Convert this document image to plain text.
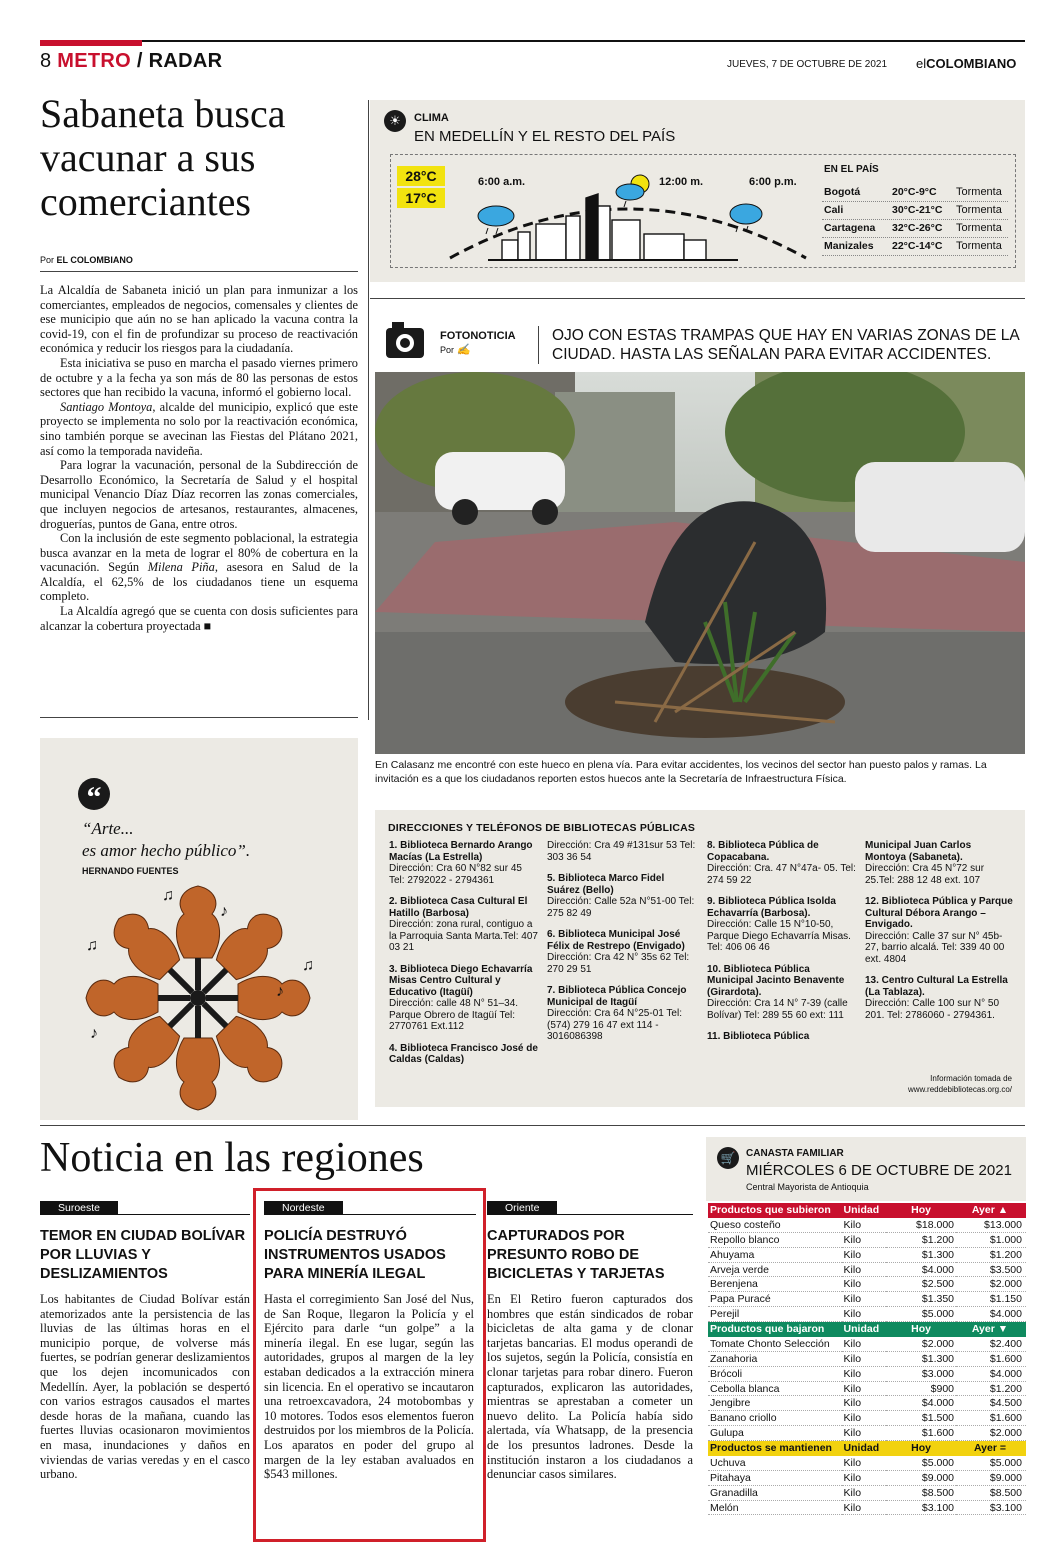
8 METRO / RADAR	JUEVES, 7 DE OCTUBRE DE 2021 elCOLOMBIANO
Sabaneta busca vacunar a sus comerciantes
Por EL COLOMBIANO

La Alcaldía de Sabaneta inició un plan para inmunizar a los comerciantes, empleados de negocios, comensales y clientes de ese municipio que aún no se han aplicado la vacuna contra la covid-19, con el fin de profundizar su proceso de reactivación económica y reducir los riesgos para la ciudadanía.

Esta iniciativa se puso en marcha el pasado viernes primero de octubre y a la fecha ya son más de 80 las personas de estos sectores que han recibido la vacuna, informó el gobierno local.

Santiago Montoya, alcalde del municipio, explicó que este proyecto se implementa no solo por la reactivación económica, sino también porque se avecinan las Fiestas del Plátano 2021, así como la temporada navideña.

Para lograr la vacunación, personal de la Subdirección de Desarrollo Económico, la Secretaría de Salud y el hospital municipal Venancio Díaz Díaz recorren las zonas comerciales, que incluyen negocios de artesanos, restaurantes, almacenes, droguerías, puntos de Gana, entre otros.

Con la inclusión de este segmento poblacional, la estrategia busca avanzar en la meta de lograr el 80% de cobertura en la vacunación. Según Milena Piña, asesora en Salud de la Alcaldía, el 62,5% de los ciudadanos tiene un esquema completo.

La Alcaldía agregó que se cuenta con dosis suficientes para alcanzar la cobertura proyectada ■

“
“Arte...
es amor hecho público”.
HERNANDO FUENTES
♫
♪
♫
♫
♪
♪
☀	CLIMA
EN MEDELLÍN Y EL RESTO DEL PAÍS
28°C
17°C
6:00 a.m.	12:00 m.	6:00 p.m.
EN EL PAÍS
Bogotá	20°C-9°C Tormenta
Cali	30°C-21°C Tormenta
Cartagena 32°C-26°C Tormenta
Manizales 22°C-14°C Tormenta
FOTONOTICIA
Por ✍
OJO CON ESTAS TRAMPAS QUE HAY EN VARIAS ZONAS DE LA CIUDAD. HASTA LAS SEÑALAN PARA EVITAR ACCIDENTES.
En Calasanz me encontré con este hueco en plena vía. Para evitar accidentes, los vecinos del sector han puesto palos y ramas. La invitación es a que los ciudadanos reporten estos huecos ante la Secretaría de Infraestructura Física.
DIRECCIONES Y TELÉFONOS DE BIBLIOTECAS PÚBLICAS
1. Biblioteca Bernardo Arango Macías (La Estrella)
Dirección: Cra 60 N°82 sur 45 Tel: 2792022 - 2794361
2. Biblioteca Casa Cultural El Hatillo (Barbosa)
Dirección: zona rural, contiguo a la Parroquia Santa Marta.Tel: 407 03 21
3. Biblioteca Diego Echavarría Misas Centro Cultural y Educativo (Itagüí)
Dirección: calle 48 N° 51–34. Parque Obrero de Itagüí Tel: 2770761 Ext.112
4. Biblioteca Francisco José de Caldas (Caldas)
Dirección: Cra 49 #131sur 53 Tel: 303 36 54
5. Biblioteca Marco Fidel Suárez (Bello)
Dirección: Calle 52a N°51-00 Tel: 275 82 49
6. Biblioteca Municipal José Félix de Restrepo (Envigado)
Dirección: Cra 42 N° 35s 62 Tel: 270 29 51
7. Biblioteca Pública Concejo Municipal de Itagüí
Dirección: Cra 64 N°25-01 Tel: (574) 279 16 47 ext 114 - 3016086398
8. Biblioteca Pública de Copacabana.
Dirección: Cra. 47 N°47a- 05. Tel: 274 59 22
9. Biblioteca Pública Isolda Echavarría (Barbosa).
Dirección: Calle 15 N°10-50, Parque Diego Echavarría Misas. Tel: 406 06 46
10. Biblioteca Pública Municipal Jacinto Benavente (Girardota).
Dirección: Cra 14 N° 7-39 (calle Bolívar) Tel: 289 55 60 ext: 111
11. Biblioteca Pública
Municipal Juan Carlos Montoya (Sabaneta).
Dirección: Cra 45 N°72 sur 25.Tel: 288 12 48 ext. 107
12. Biblioteca Pública y Parque Cultural Débora Arango – Envigado.
Dirección: Calle 37 sur N° 45b-27, barrio alcalá. Tel: 339 40 00 ext. 4804
13. Centro Cultural La Estrella (La Tablaza).
Dirección: Calle 100 sur N° 50 201. Tel: 2786060 - 2794361.
Información tomada de
www.reddebibliotecas.org.co/
Noticia en las regiones
Suroeste
TEMOR EN CIUDAD BOLÍVAR POR LLUVIAS Y DESLIZAMIENTOS
Los habitantes de Ciudad Bolívar están atemorizados ante la persistencia de las lluvias de las últimas horas en el municipio porque, de volverse más fuertes, se podrían generar deslizamientos que los dejen incomunicados con Medellín. Ayer, la población se despertó con varios estragos causados el martes desde horas de la mañana, cuando las fuertes lluvias ocasionaron movimientos en masa, inundaciones y daños en viviendas de varias veredas y en el casco urbano.
Nordeste
POLICÍA DESTRUYÓ INSTRUMENTOS USADOS PARA MINERÍA ILEGAL
Hasta el corregimiento San José del Nus, de San Roque, llegaron la Policía y el Ejército para darle “un golpe” a la minería ilegal. En ese lugar, según las autoridades, grupos al margen de la ley estaban dedicados a la extracción minera sin licencia. En el operativo se incautaron una retroexcavadora, 24 motobombas y 10 motores. Todos esos elementos fueron destruidos por los miembros de la Policía. Los aparatos en poder del grupo al margen de la ley estaban avaluados en $543 millones.
Oriente
CAPTURADOS POR PRESUNTO ROBO DE BICICLETAS Y TARJETAS
En El Retiro fueron capturados dos hombres que están sindicados de robar bicicletas de alta gama y de clonar tarjetas bancarias. El modus operandi de los sujetos, según la Policía, consistía en clonar tarjetas para robar dinero. Fueron capturados, explicaron las autoridades, mientras se aprestaban a cometer un nuevo delito. La Policía había sido alertada, vía Whatsapp, de la presencia de los presuntos ladrones. Desde la institución instaron a los ciudadanos a denunciar casos similares.
🛒	CANASTA FAMILIAR
MIÉRCOLES 6 DE OCTUBRE DE 2021
Central Mayorista de Antioquia
Productos que subieron	Unidad	Hoy	Ayer ▲
Queso costeño	Kilo	$18.000	$13.000
Repollo blanco	Kilo	$1.200	$1.000
Ahuyama	Kilo	$1.300	$1.200
Arveja verde	Kilo	$4.000	$3.500
Berenjena	Kilo	$2.500	$2.000
Papa Puracé	Kilo	$1.350	$1.150
Perejil	Kilo	$5.000	$4.000
Productos que bajaron	Unidad	Hoy	Ayer ▼
Tomate Chonto Selección	Kilo	$2.000	$2.400
Zanahoria	Kilo	$1.300	$1.600
Brócoli	Kilo	$3.000	$4.000
Cebolla blanca	Kilo	$900	$1.200
Jengibre	Kilo	$4.000	$4.500
Banano criollo	Kilo	$1.500	$1.600
Gulupa	Kilo	$1.600	$2.000
Productos se mantienen	Unidad	Hoy	Ayer =
Uchuva	Kilo	$5.000	$5.000
Pitahaya	Kilo	$9.000	$9.000
Granadilla	Kilo	$8.500	$8.500
Melón	Kilo	$3.100	$3.100
